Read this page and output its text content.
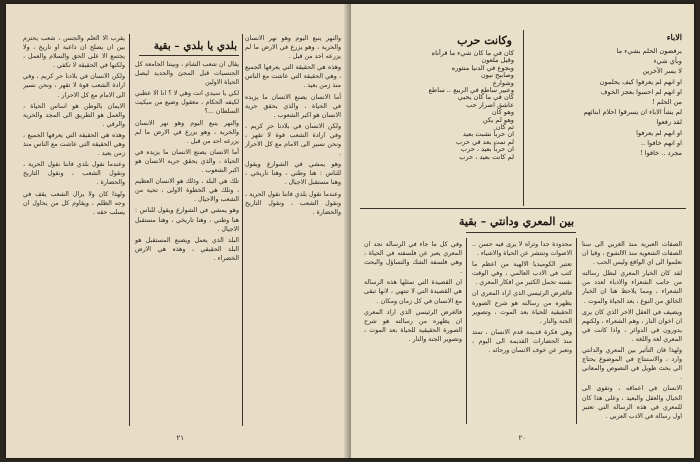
بلدي يا بلدي – بقية

يقال ان شعب الشام ، وبيننا الجامعة كل الجنسيات قبل المجئ والجديد ليصل الحياة الاولين

لكي يا سيدي انت وهي لا ؟ انا الا عطبي لكيفه الحكام ، معقول وضيع من ميكيت السلطان ...؟

والنهر ينبع اليوم وهو نهر الانسان والحرية ، وهو يزرع في الارض ما لم يزرعه احد من قبل .

أما الانسان يصنع الانسان ما يزيده في الحياة ، والذي يحقق حرية الانسان هو اكبر الشعوب .

تلك هي البلد ، وذلك هو الانسان العظيم ، وتلك هي الخطوة الاولى ، تحية من الشعب والاجيال .

وهو يمشي في الشوارع ويقول للناس : هنا وطني ، وهنا تاريخي ، وهنا مستقبل الاجيال .

البلد الذي يعمل ويصنع المستقبل هو البلد الحقيقي ، وهذه هي الارض الخضراء .

يقرب الا العلم والجنس ، شعب يحترم بين ان يصلح ان داعية او تاريخ ، ولا يجتمع الا على الحق والسلام والعمل ، ولكنها في الحقيقة لا تكفي .

ولكن الانسان في بلادنا حر كريم ، وفي ارادة الشعب قوة لا تقهر ، ونحن نسير الى الامام مع كل الاحرار .

الايمان بالوطن هو اساس الحياة ، والعمل هو الطريق الى المجد والحرية والرقي .

وهذه هي الحقيقة التي يعرفها الجميع ، وهي الحقيقة التي عاشت مع الناس منذ زمن بعيد .

وعندما نقول بلدي فاننا نقول الحرية ، ونقول الشعب ، ونقول التاريخ والحضارة .

ولهذا كان ولا يزال الشعب يقف في وجه الظلم ، ويقاوم كل من يحاول ان يسلب حقه .

والنهر ينبع اليوم وهو نهر الانسان والحرية ، وهو يزرع في الارض ما لم يزرعه احد من قبل .

وهذه هي الحقيقة التي يعرفها الجميع ، وهي الحقيقة التي عاشت مع الناس منذ زمن بعيد .

أما الانسان يصنع الانسان ما يزيده في الحياة ، والذي يحقق حرية الانسان هو اكبر الشعوب .

ولكن الانسان في بلادنا حر كريم ، وفي ارادة الشعب قوة لا تقهر ، ونحن نسير الى الامام مع كل الاحرار .

وهو يمشي في الشوارع ويقول للناس : هنا وطني ، وهنا تاريخي ، وهنا مستقبل الاجيال .

وعندما نقول بلدي فاننا نقول الحرية ، ونقول الشعب ، ونقول التاريخ والحضارة .

٢١
الاباء
وكانت حرب
يرفضون الحلم بشيء ما
وبأي شيء
لا يسر الآخرين
او انهم لم يعرفوا كيف يحلمون
او انهم لم احسوا بعجز الخوف
من الحلم !
لم يشأ الاباء ان يسرقوا احلام ابنائهم
لقد رفعوا
او انهم لم يعرفوا
او انهم خافوا ..
مجرد .. خافوا !
كان في ما كان شيء ما قرأناه
وقيل ملعون
وبجوع في الدنيا منثوره
وصابيح نيون
وشوارع
وعبير ساطع في الربيع .. ساطع
كان في ما كان يحيي
عاشق اصرار حب
وهو كان
وهو لم يكن
ثم كان
ان حرباً نشبت بعيد
لم تمت بعد في حرب
ان حرباً بعيد ، حرب
لم كانت بعيد ، حرب
بين المعري ودانتي – بقية

الصفات العبرية منذ الغربي الى سنا الصفات الشعوية منذ الالشوح ، وقيا ان تعلموا الى اي الواقع وليس الحب .

لقد كان الخيار المعري لبطل رسالته من جانب الشعراء والادباء لعدد من الشعراء ، ومما يلاحظ هنا ان الخيار الخالق من النوع ، بعد الحياة والموت .

ويضيف في العقل الاخر الذي كان يرى ان اخوان النار ، وهم الشعراء ، ولكنهم يدورون في الدوائر ، واذا كانت في المعري لغة واللغة .

ولهذا فان التأثير بين المعري والدانتي وارد ، والاستنتاج في الموضوع يحتاج الى بحث طويل في النصوص والمعاني .

الانسان في اعماقه ، وتقوى الى الخيال والعقل والبعيد ، وعلى هذا كان للمعري في هذه الرسالة التي تعتبر اول رسالة في الادب العربي .

محدودة جدا وتراه لا يرى فيه حسن .. الاصوات وتنتشر عن الحياة والاشياء .

تعتبر الكوميديا الالهية من اعظم ما كتب في الادب العالمي ، وفي الوقت نفسه تحمل الكثير من افكار المعري .

فالغرض الرئيسي الذي اراد المعري ان يظهره من رسالته هو شرح الصورة الحقيقية للحياة بعد الموت ، وتصوير الجنة والنار .

وهي فكرة قديمة قدم الانسان ، تمتد منذ الحضارات القديمة الى اليوم ، وتعبر عن خوف الانسان ورجائه .

وفي كل ما جاء في الرسالة نجد ان المعري يعبر عن فلسفته في الحياة ، وهي فلسفة الشك والتساؤل والبحث .

ان القصيدة التي تمثلها هذه الرسالة هي القصيدة التي لا تنتهي ، لانها تبقى مع الانسان في كل زمان ومكان .

فالغرض الرئيسي الذي اراد المعري ان يظهره من رسالته هو شرح الصورة الحقيقية للحياة بعد الموت ، وتصوير الجنة والنار .

٢٠
